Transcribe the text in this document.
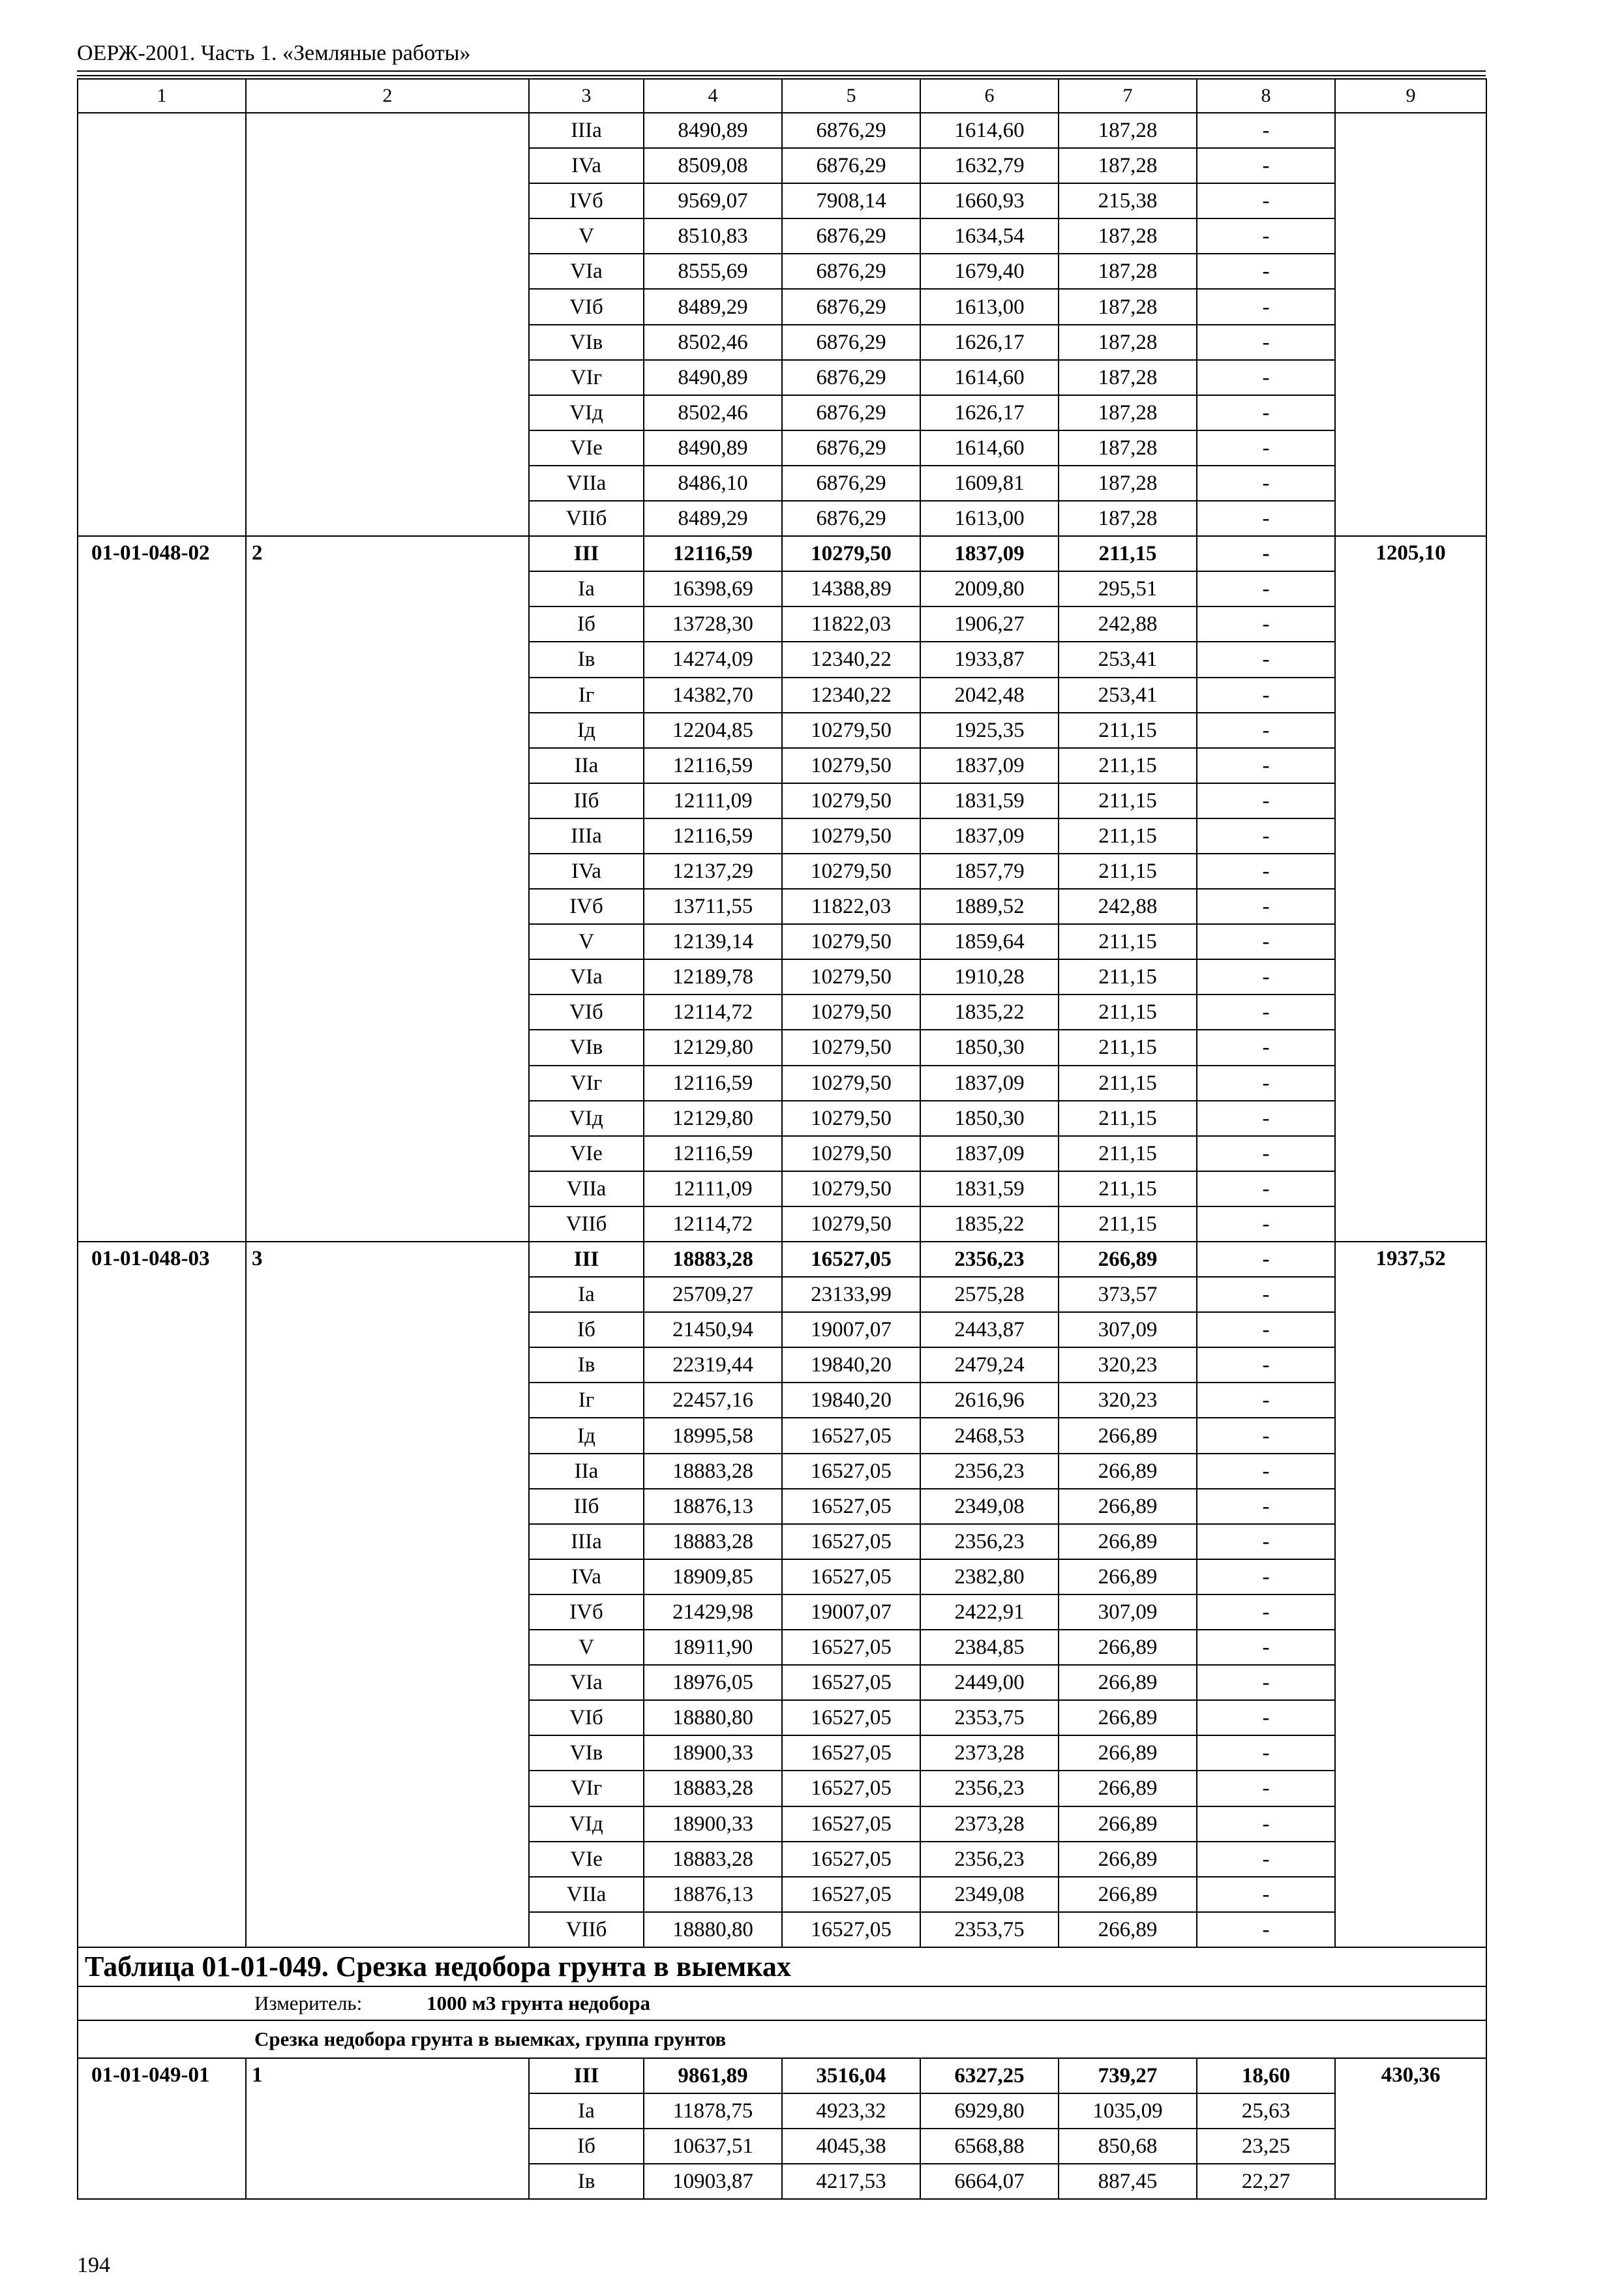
ОЕРЖ-2001. Часть 1. «Земляные работы»
1	2	3	4	5	6	7	8	9
		IIIa	8490,89	6876,29	1614,60	187,28	-	
		IVa	8509,08	6876,29	1632,79	187,28	-	
		IVб	9569,07	7908,14	1660,93	215,38	-	
		V	8510,83	6876,29	1634,54	187,28	-	
		VIa	8555,69	6876,29	1679,40	187,28	-	
		VIб	8489,29	6876,29	1613,00	187,28	-	
		VIв	8502,46	6876,29	1626,17	187,28	-	
		VIг	8490,89	6876,29	1614,60	187,28	-	
		VIд	8502,46	6876,29	1626,17	187,28	-	
		VIe	8490,89	6876,29	1614,60	187,28	-	
		VIIa	8486,10	6876,29	1609,81	187,28	-	
		VIIб	8489,29	6876,29	1613,00	187,28	-	
01-01-048-02	2	III	12116,59	10279,50	1837,09	211,15	-	1205,10
		Ia	16398,69	14388,89	2009,80	295,51	-	
		Iб	13728,30	11822,03	1906,27	242,88	-	
		Iв	14274,09	12340,22	1933,87	253,41	-	
		Iг	14382,70	12340,22	2042,48	253,41	-	
		Iд	12204,85	10279,50	1925,35	211,15	-	
		IIa	12116,59	10279,50	1837,09	211,15	-	
		IIб	12111,09	10279,50	1831,59	211,15	-	
		IIIa	12116,59	10279,50	1837,09	211,15	-	
		IVa	12137,29	10279,50	1857,79	211,15	-	
		IVб	13711,55	11822,03	1889,52	242,88	-	
		V	12139,14	10279,50	1859,64	211,15	-	
		VIa	12189,78	10279,50	1910,28	211,15	-	
		VIб	12114,72	10279,50	1835,22	211,15	-	
		VIв	12129,80	10279,50	1850,30	211,15	-	
		VIг	12116,59	10279,50	1837,09	211,15	-	
		VIд	12129,80	10279,50	1850,30	211,15	-	
		VIe	12116,59	10279,50	1837,09	211,15	-	
		VIIa	12111,09	10279,50	1831,59	211,15	-	
		VIIб	12114,72	10279,50	1835,22	211,15	-	
01-01-048-03	3	III	18883,28	16527,05	2356,23	266,89	-	1937,52
		Ia	25709,27	23133,99	2575,28	373,57	-	
		Iб	21450,94	19007,07	2443,87	307,09	-	
		Iв	22319,44	19840,20	2479,24	320,23	-	
		Iг	22457,16	19840,20	2616,96	320,23	-	
		Iд	18995,58	16527,05	2468,53	266,89	-	
		IIa	18883,28	16527,05	2356,23	266,89	-	
		IIб	18876,13	16527,05	2349,08	266,89	-	
		IIIa	18883,28	16527,05	2356,23	266,89	-	
		IVa	18909,85	16527,05	2382,80	266,89	-	
		IVб	21429,98	19007,07	2422,91	307,09	-	
		V	18911,90	16527,05	2384,85	266,89	-	
		VIa	18976,05	16527,05	2449,00	266,89	-	
		VIб	18880,80	16527,05	2353,75	266,89	-	
		VIв	18900,33	16527,05	2373,28	266,89	-	
		VIг	18883,28	16527,05	2356,23	266,89	-	
		VIд	18900,33	16527,05	2373,28	266,89	-	
		VIe	18883,28	16527,05	2356,23	266,89	-	
		VIIa	18876,13	16527,05	2349,08	266,89	-	
		VIIб	18880,80	16527,05	2353,75	266,89	-	
Таблица 01-01-049. Срезка недобора грунта в выемках								
Измеритель: 1000 м3 грунта недобора								
Срезка недобора грунта в выемках, группа грунтов								
01-01-049-01	1	III	9861,89	3516,04	6327,25	739,27	18,60	430,36
		Ia	11878,75	4923,32	6929,80	1035,09	25,63	
		Iб	10637,51	4045,38	6568,88	850,68	23,25	
		Iв	10903,87	4217,53	6664,07	887,45	22,27	
194
